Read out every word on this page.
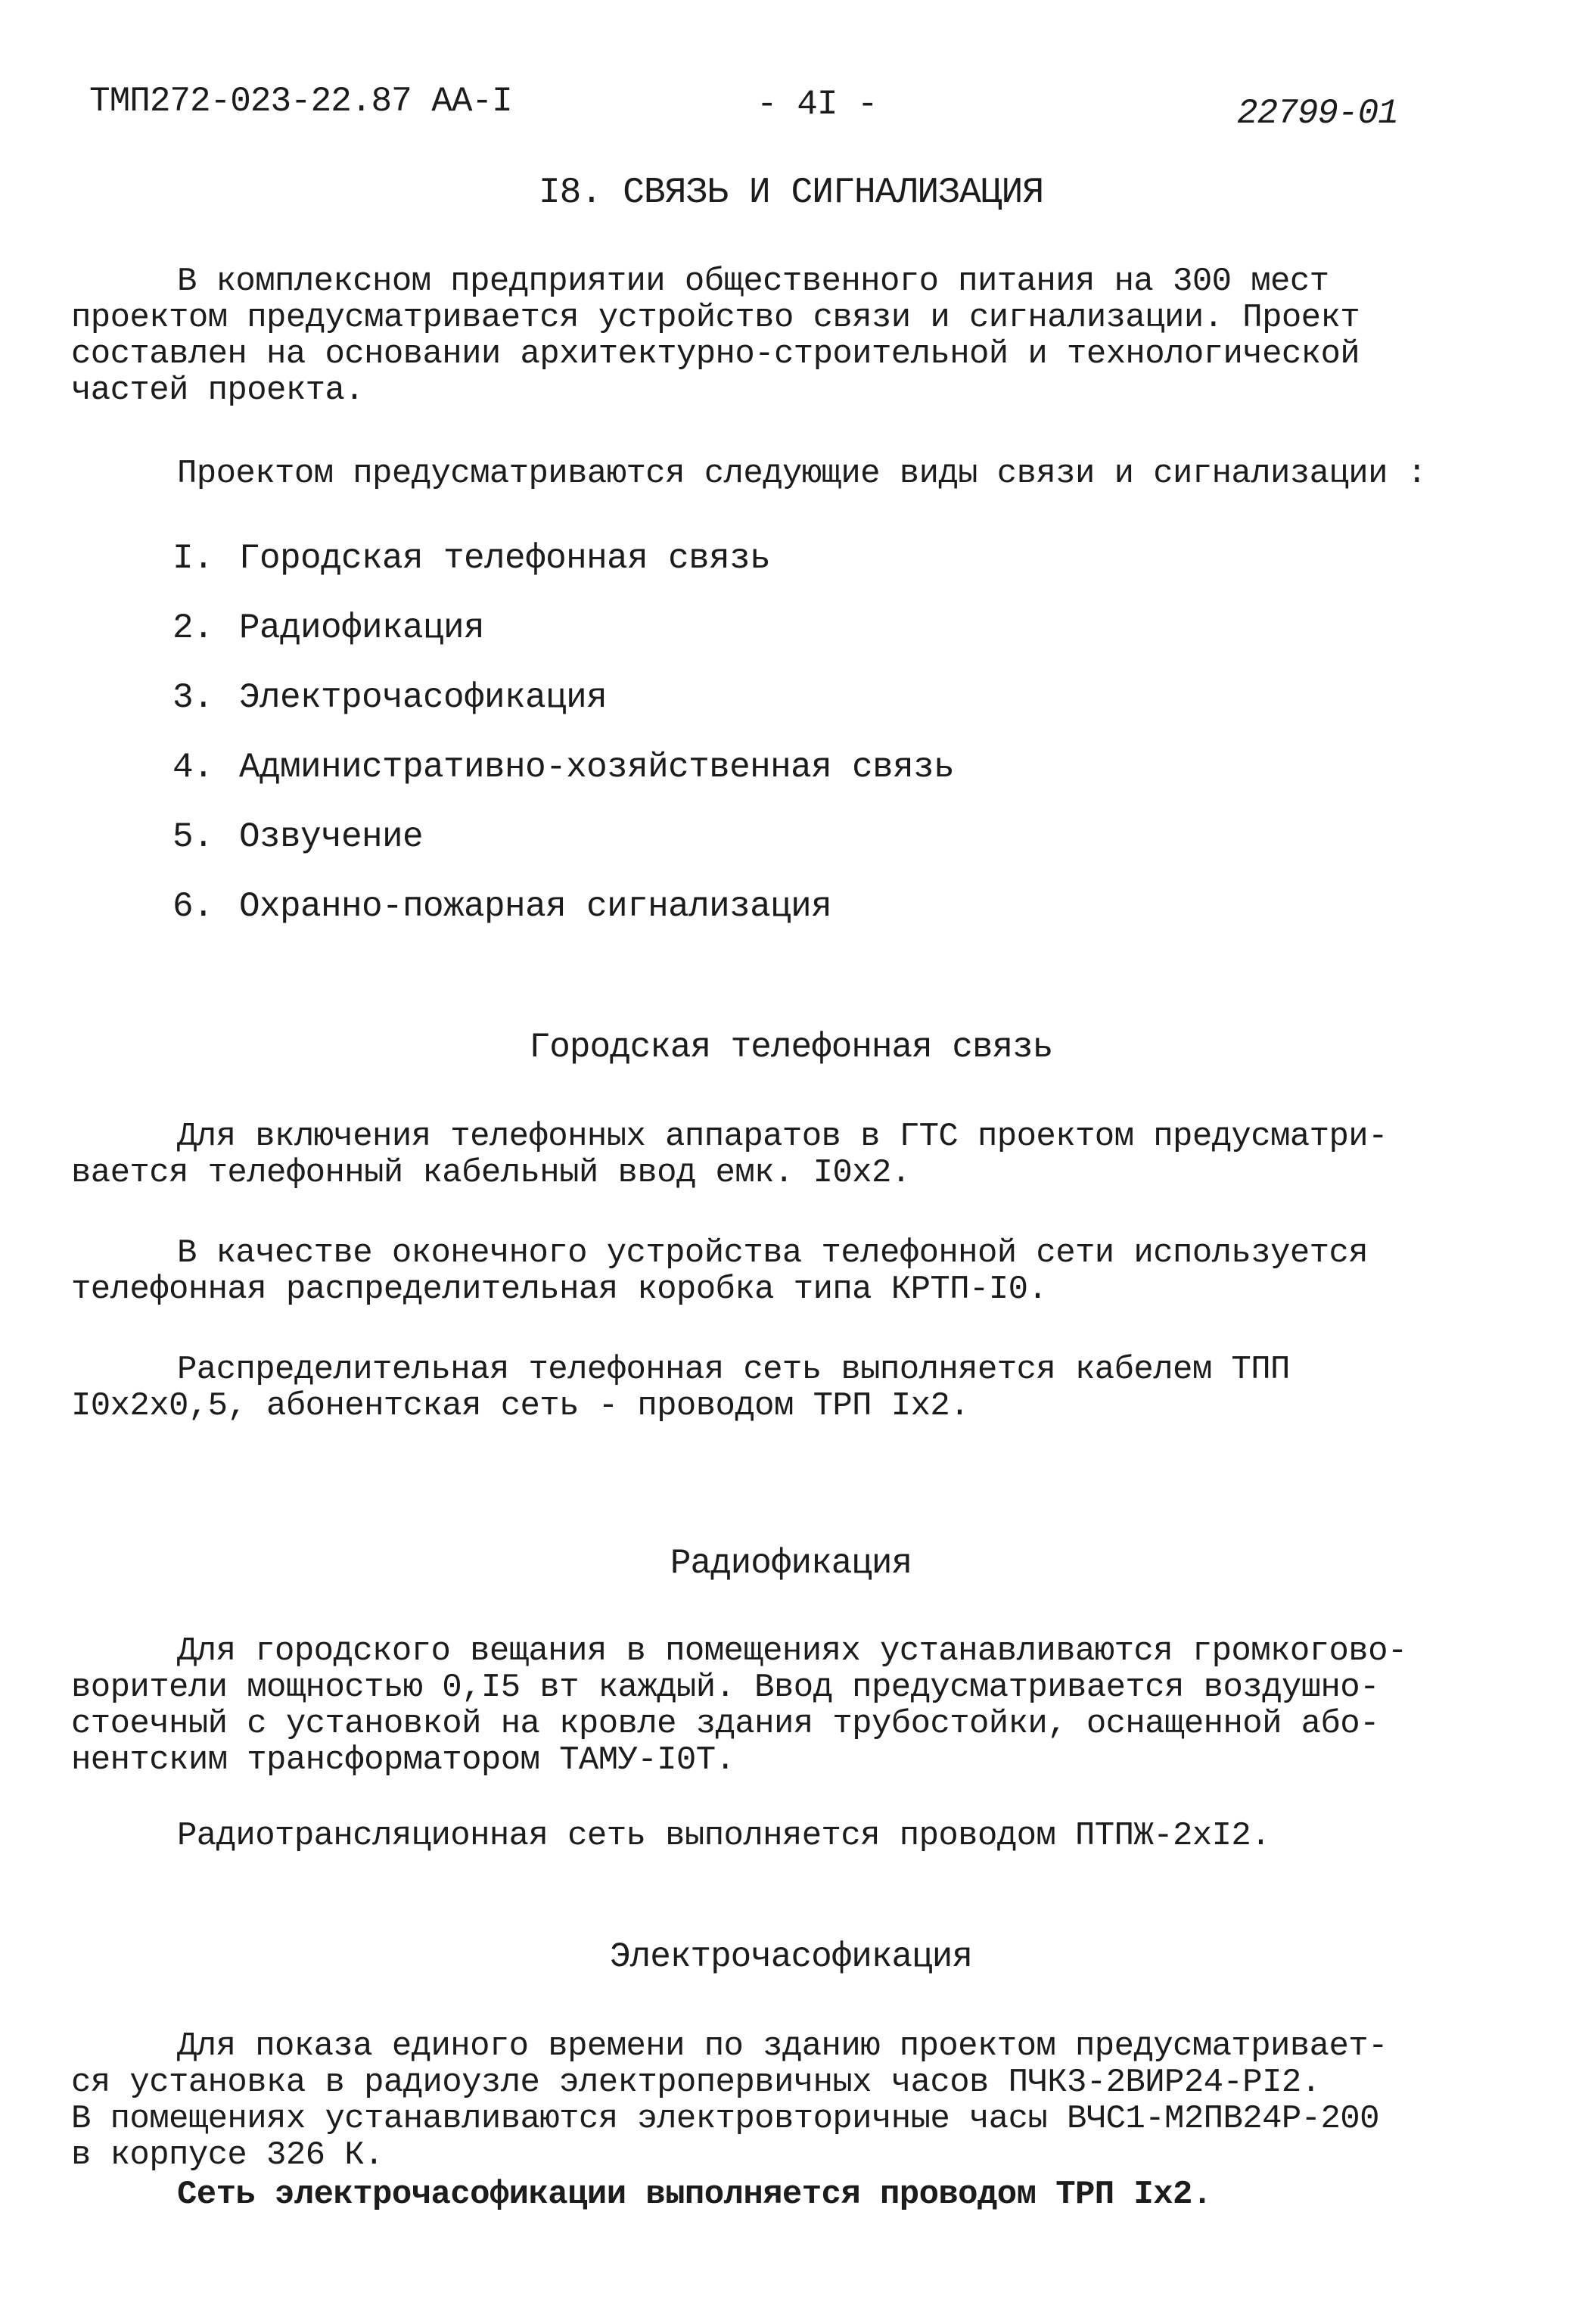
ТМП272-023-22.87 АА-I	- 4I -	22799-01
I8. СВЯЗЬ И СИГНАЛИЗАЦИЯ
В комплексном предприятии общественного питания на 300 мест
проектом предусматривается устройство связи и сигнализации. Проект
составлен на основании архитектурно-строительной и технологической
частей проекта.
Проектом предусматриваются следующие виды связи и сигнализации :
I. Городская телефонная связь
2. Радиофикация
3. Электрочасофикация
4. Административно-хозяйственная связь
5. Озвучение
6. Охранно-пожарная сигнализация
Городская телефонная связь
Для включения телефонных аппаратов в ГТС проектом предусматри-
вается телефонный кабельный ввод емк. I0х2.
В качестве оконечного устройства телефонной сети используется
телефонная распределительная коробка типа КРТП-I0.
Распределительная телефонная сеть выполняется кабелем ТПП
I0х2х0,5, абонентская сеть - проводом ТРП Iх2.
Радиофикация
Для городского вещания в помещениях устанавливаются громкогово-
ворители мощностью 0,I5 вт каждый. Ввод предусматривается воздушно-
стоечный с установкой на кровле здания трубостойки, оснащенной або-
нентским трансформатором ТАМУ-I0Т.
Радиотрансляционная сеть выполняется проводом ПТПЖ-2хI2.
Электрочасофикация
Для показа единого времени по зданию проектом предусматривает-
ся установка в радиоузле электропервичных часов ПЧК3-2ВИР24-РI2.
В помещениях устанавливаются электровторичные часы ВЧС1-М2ПВ24Р-200
в корпусе 326 К.
Сеть электрочасофикации выполняется проводом ТРП Iх2.
